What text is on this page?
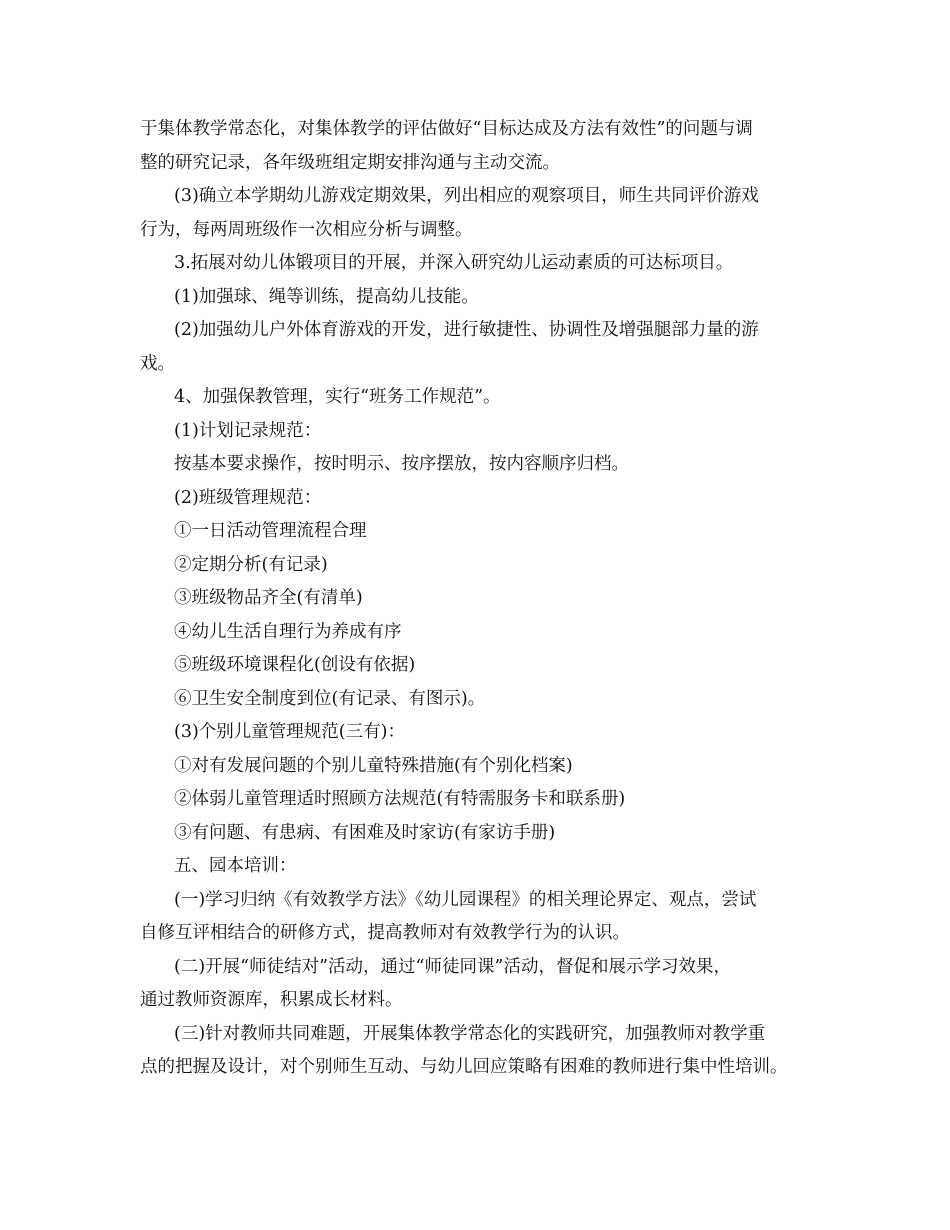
于集体教学常态化，对集体教学的评估做好“目标达成及方法有效性”的问题与调

整的研究记录，各年级班组定期安排沟通与主动交流。

(3)确立本学期幼儿游戏定期效果，列出相应的观察项目，师生共同评价游戏

行为，每两周班级作一次相应分析与调整。

3.拓展对幼儿体锻项目的开展，并深入研究幼儿运动素质的可达标项目。

(1)加强球、绳等训练，提高幼儿技能。

(2)加强幼儿户外体育游戏的开发，进行敏捷性、协调性及增强腿部力量的游

戏。

4、加强保教管理，实行“班务工作规范”。

(1)计划记录规范：

按基本要求操作，按时明示、按序摆放，按内容顺序归档。

(2)班级管理规范：

①一日活动管理流程合理

②定期分析(有记录)

③班级物品齐全(有清单)

④幼儿生活自理行为养成有序

⑤班级环境课程化(创设有依据)

⑥卫生安全制度到位(有记录、有图示)。

(3)个别儿童管理规范(三有)：

①对有发展问题的个别儿童特殊措施(有个别化档案)

②体弱儿童管理适时照顾方法规范(有特需服务卡和联系册)

③有问题、有患病、有困难及时家访(有家访手册)

五、园本培训：

(一)学习归纳《有效教学方法》《幼儿园课程》的相关理论界定、观点，尝试

自修互评相结合的研修方式，提高教师对有效教学行为的认识。

(二)开展“师徒结对”活动，通过“师徒同课”活动，督促和展示学习效果，

通过教师资源库，积累成长材料。

(三)针对教师共同难题，开展集体教学常态化的实践研究，加强教师对教学重

点的把握及设计，对个别师生互动、与幼儿回应策略有困难的教师进行集中性培训。
